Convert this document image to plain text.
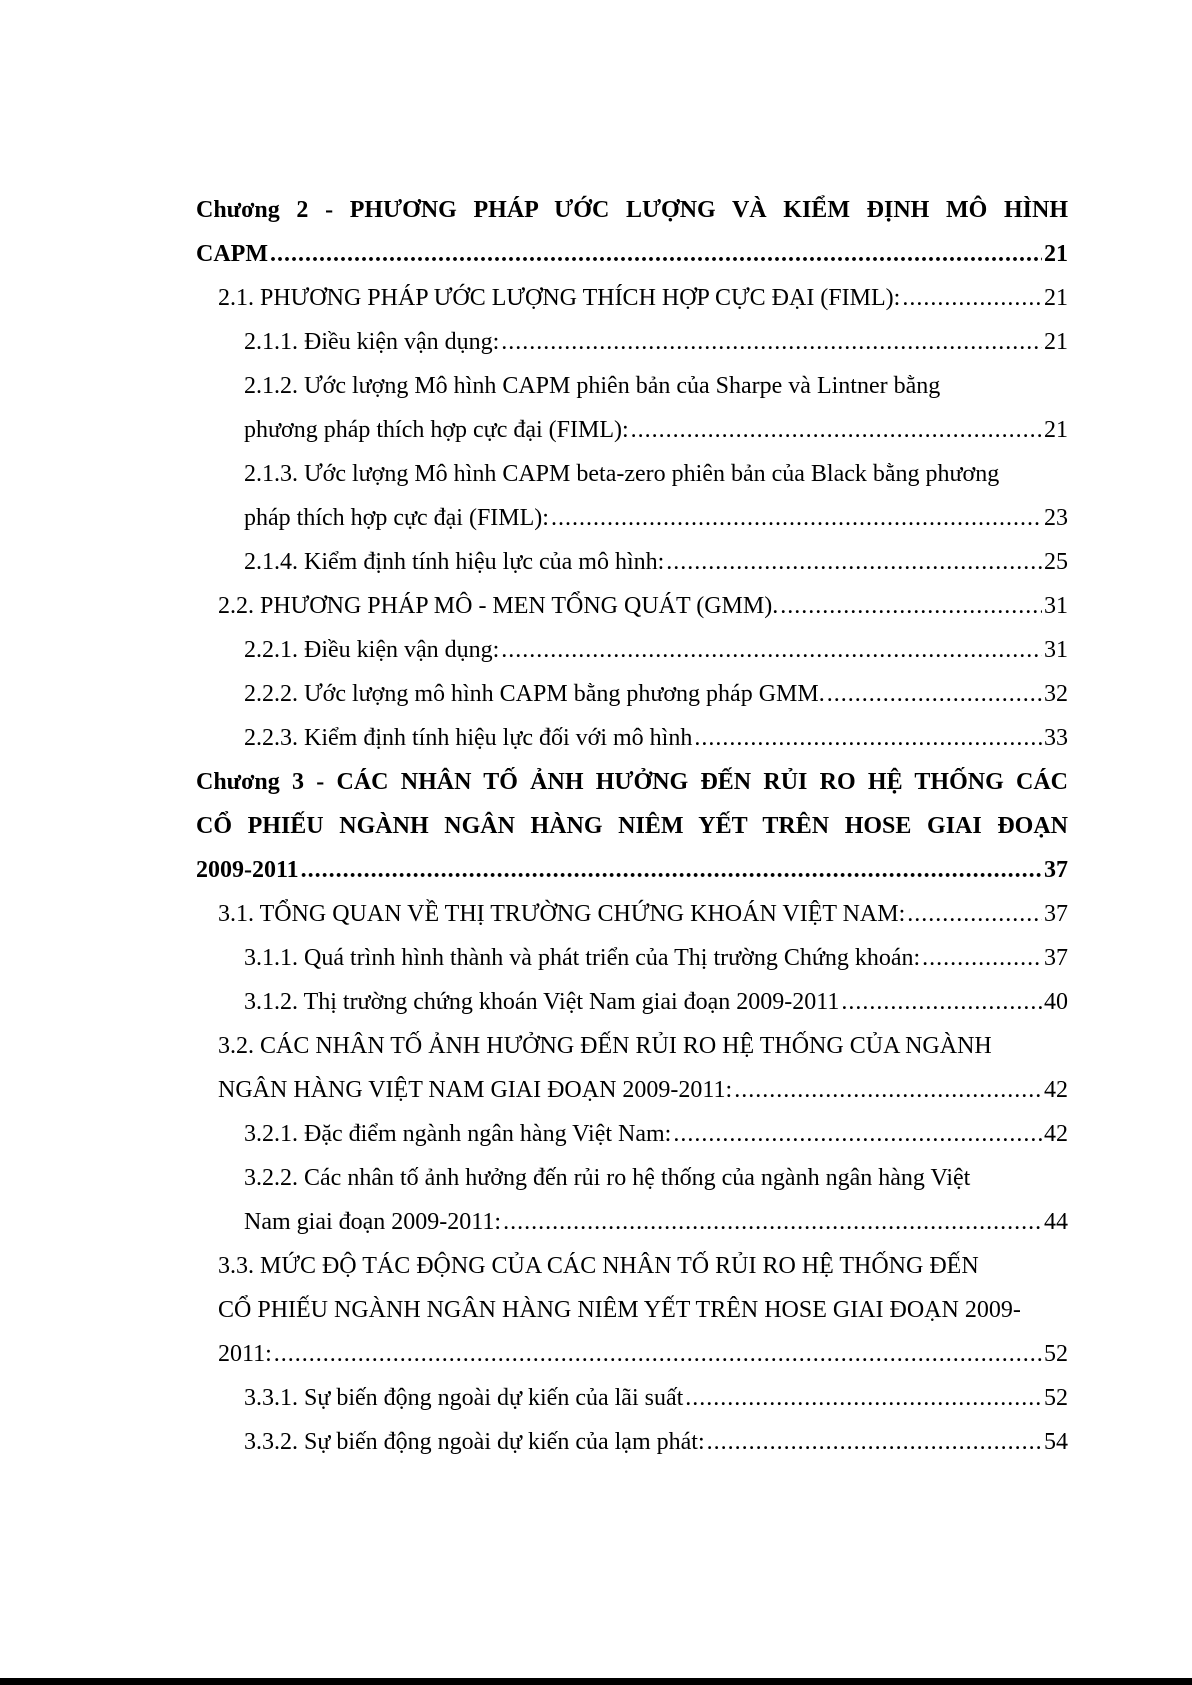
Chương 2 - PHƯƠNG PHÁP ƯỚC LƯỢNG VÀ KIỂM ĐỊNH MÔ HÌNH
CAPM .....	21
2.1. PHƯƠNG PHÁP ƯỚC LƯỢNG THÍCH HỢP CỰC ĐẠI (FIML): .....	21
2.1.1. Điều kiện vận dụng: .....	21
2.1.2. Ước lượng Mô hình CAPM phiên bản của Sharpe và Lintner bằng
phương pháp thích hợp cực đại (FIML): .....	21
2.1.3. Ước lượng Mô hình CAPM beta-zero phiên bản của Black bằng phương
pháp thích hợp cực đại (FIML): .....	23
2.1.4. Kiểm định tính hiệu lực của mô hình: .....	25
2.2. PHƯƠNG PHÁP MÔ - MEN TỔNG QUÁT (GMM). .....	31
2.2.1. Điều kiện vận dụng: .....	31
2.2.2. Ước lượng mô hình CAPM bằng phương pháp GMM. .....	32
2.2.3. Kiểm định tính hiệu lực đối với mô hình .....	33
Chương 3 - CÁC NHÂN TỐ ẢNH HƯỞNG ĐẾN RỦI RO HỆ THỐNG CÁC
CỔ PHIẾU NGÀNH NGÂN HÀNG NIÊM YẾT TRÊN HOSE GIAI ĐOẠN
2009-2011 .....	37
3.1. TỔNG QUAN VỀ THỊ TRƯỜNG CHỨNG KHOÁN VIỆT NAM: .....	37
3.1.1. Quá trình hình thành và phát triển của Thị trường Chứng khoán: .....	37
3.1.2. Thị trường chứng khoán Việt Nam giai đoạn 2009-2011 .....	40
3.2. CÁC NHÂN TỐ ẢNH HƯỞNG ĐẾN RỦI RO HỆ THỐNG CỦA NGÀNH
NGÂN HÀNG VIỆT NAM GIAI ĐOẠN 2009-2011: .....	42
3.2.1. Đặc điểm ngành ngân hàng Việt Nam: .....	42
3.2.2. Các nhân tố ảnh hưởng đến rủi ro hệ thống của ngành ngân hàng Việt
Nam giai đoạn 2009-2011: .....	44
3.3. MỨC ĐỘ TÁC ĐỘNG CỦA CÁC NHÂN TỐ RỦI RO HỆ THỐNG ĐẾN
CỔ PHIẾU NGÀNH NGÂN HÀNG NIÊM YẾT TRÊN HOSE GIAI ĐOẠN 2009-
2011: .....	52
3.3.1. Sự biến động ngoài dự kiến của lãi suất .....	52
3.3.2. Sự biến động ngoài dự kiến của lạm phát: .....	54
